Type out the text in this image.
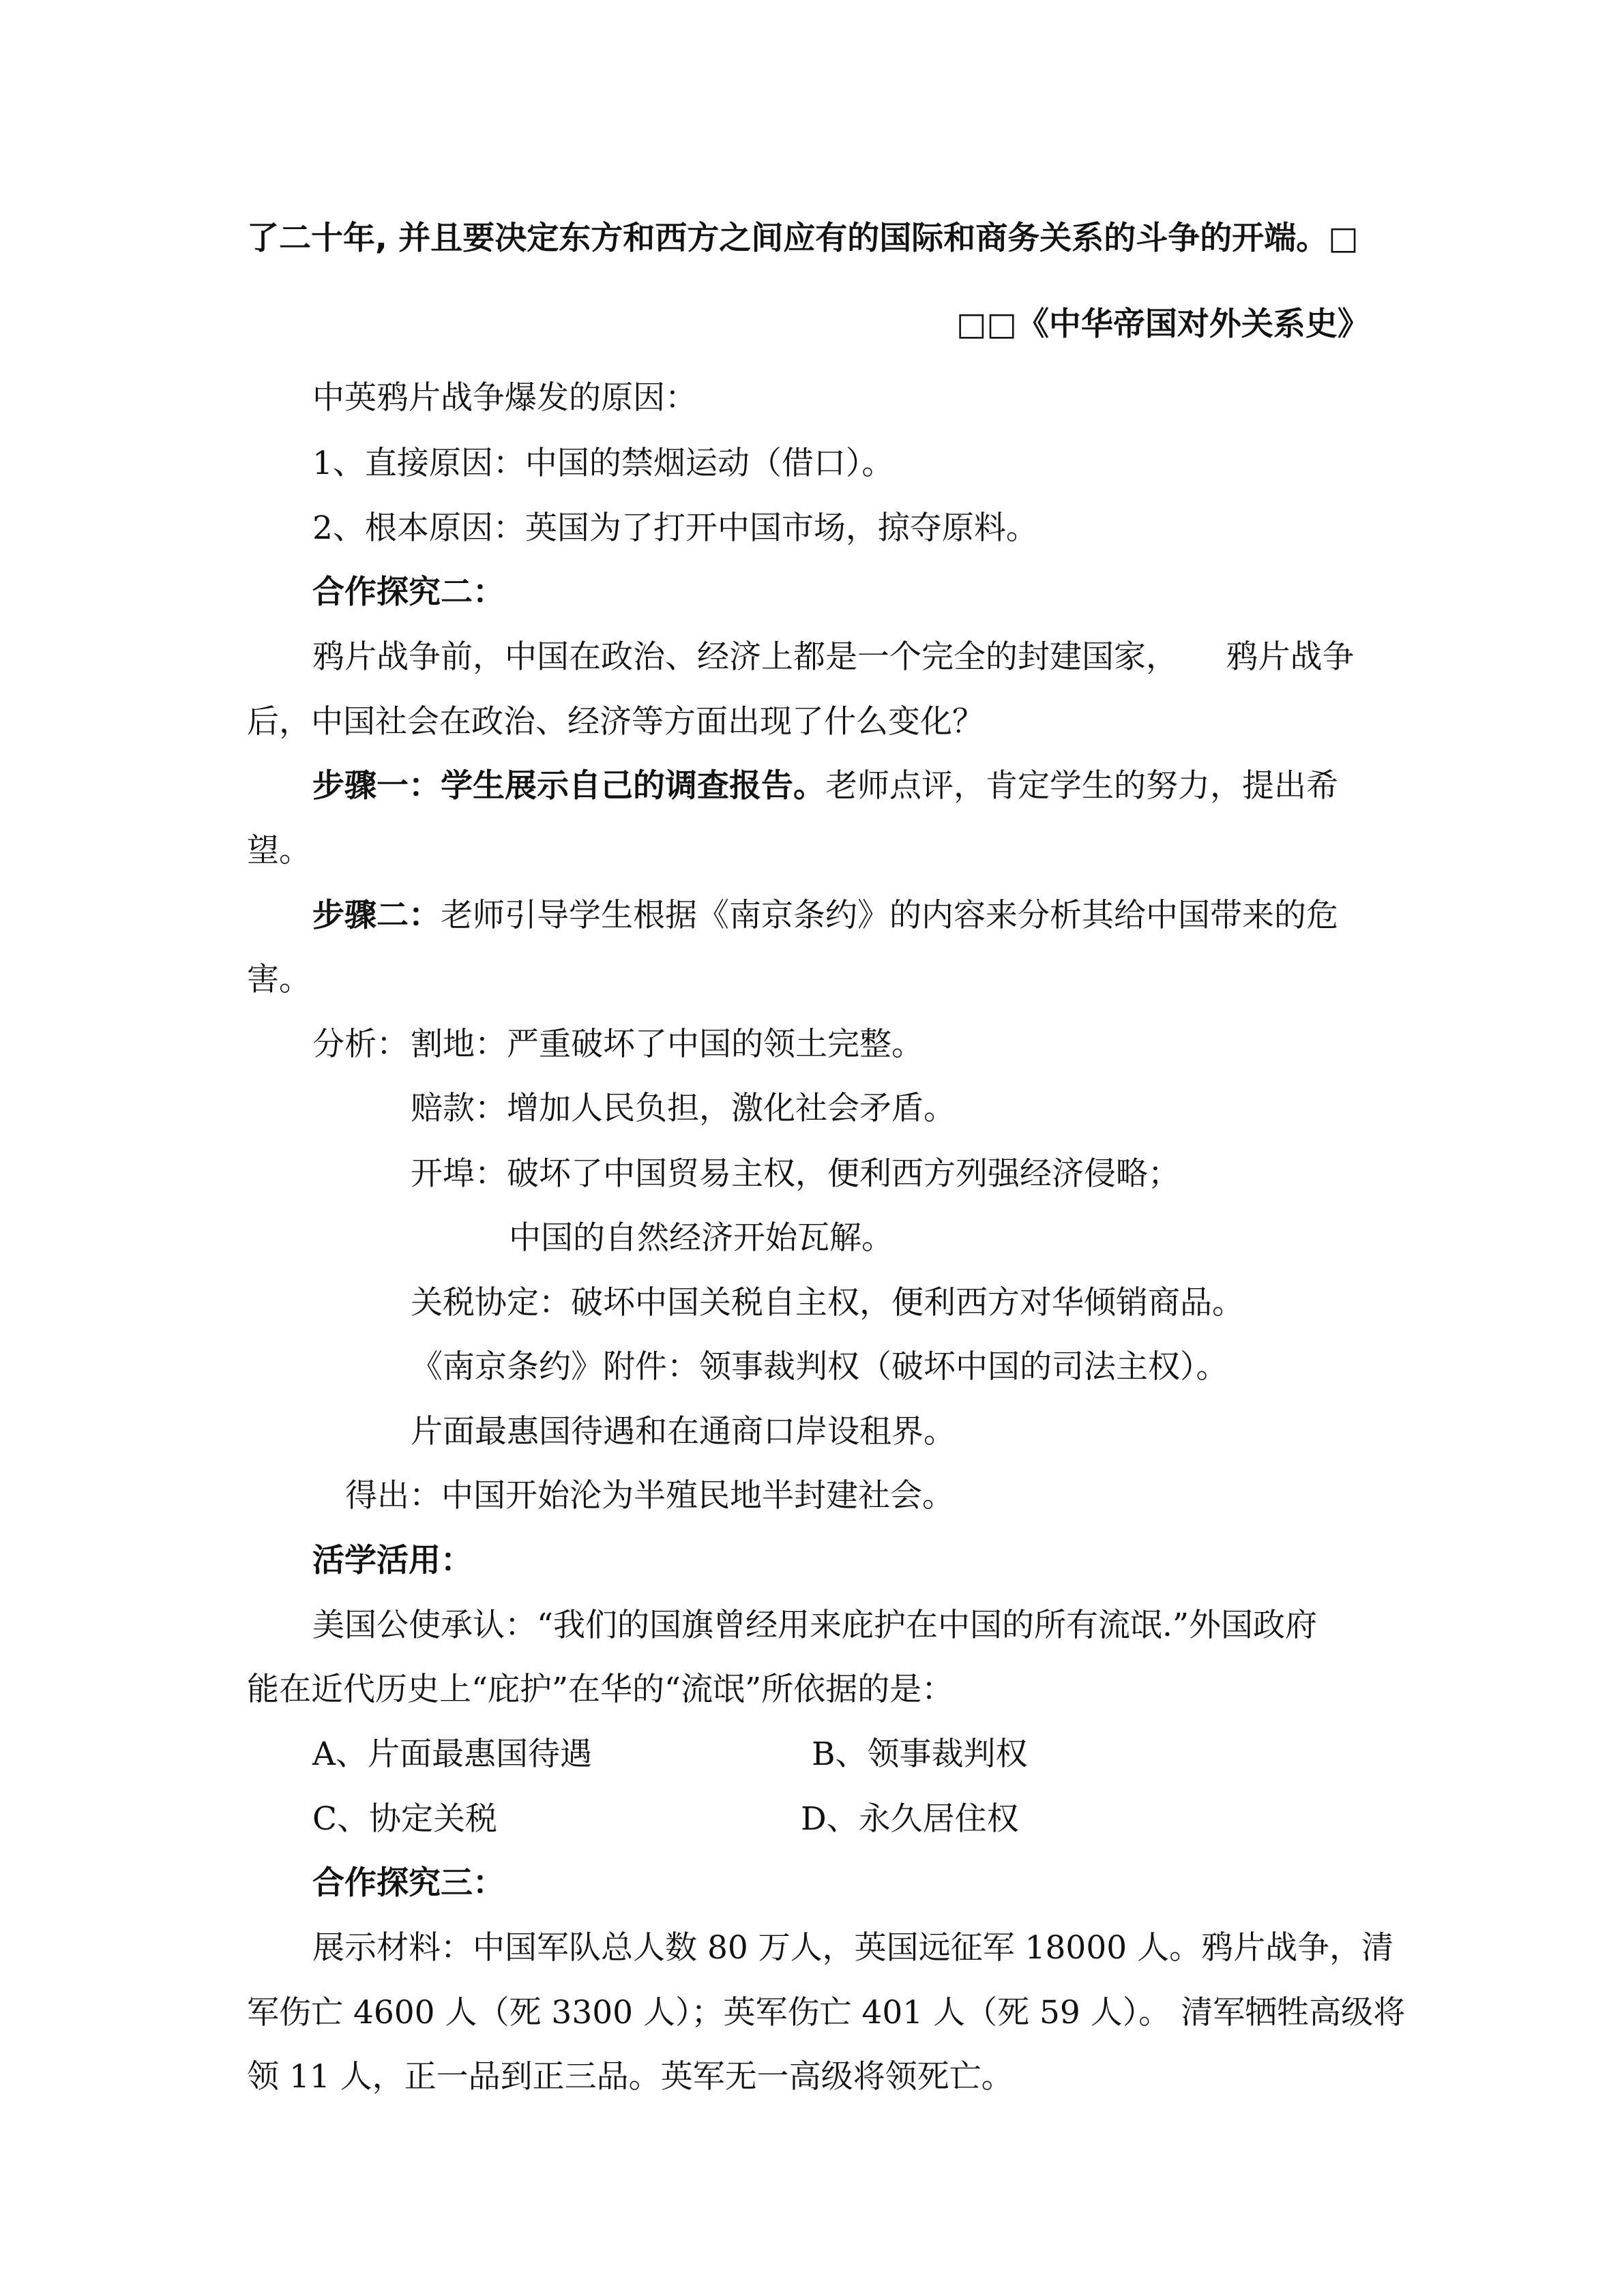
了二十年, 并且要决定东方和西方之间应有的国际和商务关系的斗争的开端。□
□□《中华帝国对外关系史》
中英鸦片战争爆发的原因：
1、直接原因：中国的禁烟运动（借口）。
2、根本原因：英国为了打开中国市场，掠夺原料。
合作探究二：
鸦片战争前，中国在政治、经济上都是一个完全的封建国家，　　鸦片战争
后，中国社会在政治、经济等方面出现了什么变化？
步骤一：学生展示自己的调查报告。老师点评，肯定学生的努力，提出希
望。
步骤二：老师引导学生根据《南京条约》的内容来分析其给中国带来的危
害。
分析： 割地：严重破坏了中国的领土完整。
赔款：增加人民负担，激化社会矛盾。
开埠：破坏了中国贸易主权，便利西方列强经济侵略；
中国的自然经济开始瓦解。
关税协定：破坏中国关税自主权，便利西方对华倾销商品。
《南京条约》附件：领事裁判权（破坏中国的司法主权）。
片面最惠国待遇和在通商口岸设租界。
得出：中国开始沦为半殖民地半封建社会。
活学活用：
美国公使承认：“我们的国旗曾经用来庇护在中国的所有流氓.”外国政府
能在近代历史上“庇护”在华的“流氓”所依据的是：
A、片面最惠国待遇	B、领事裁判权
C、协定关税	D、永久居住权
合作探究三：
展示材料：中国军队总人数 80 万人，英国远征军 18000 人。鸦片战争，清
军伤亡 4600 人（死 3300 人）；英军伤亡 401 人（死 59 人）。 清军牺牲高级将
领 11 人，正一品到正三品。英军无一高级将领死亡。
